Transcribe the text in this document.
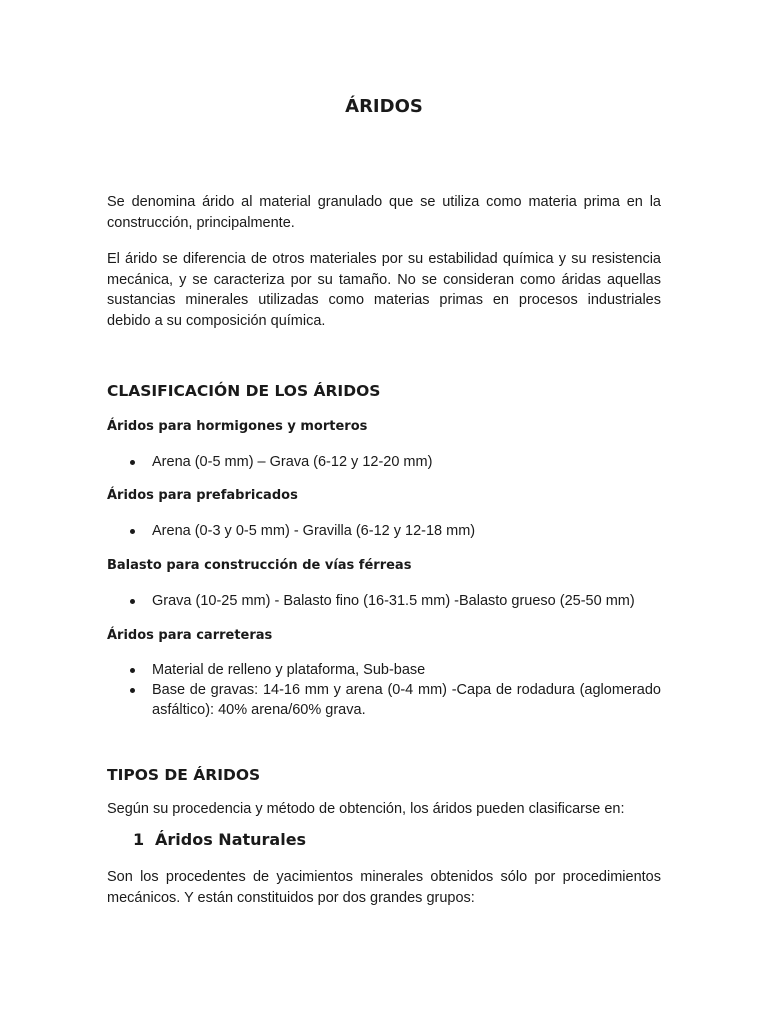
ÁRIDOS

Se denomina árido al material granulado que se utiliza como materia prima en la construcción, principalmente.

El árido se diferencia de otros materiales por su estabilidad química y su resistencia mecánica, y se caracteriza por su tamaño. No se consideran como áridas aquellas sustancias minerales utilizadas como materias primas en procesos industriales debido a su composición química.

CLASIFICACIÓN DE LOS ÁRIDOS
Áridos para hormigones y morteros
Arena (0-5 mm) – Grava (6-12 y 12-20 mm)
Áridos para prefabricados
Arena (0-3 y 0-5 mm) - Gravilla (6-12 y 12-18 mm)
Balasto para construcción de vías férreas
Grava (10-25 mm) - Balasto fino (16-31.5 mm) -Balasto grueso (25-50 mm)
Áridos para carreteras
Material de relleno y plataforma, Sub-base
Base de gravas: 14-16 mm y arena (0-4 mm) -Capa de rodadura (aglomerado asfáltico): 40% arena/60% grava.
TIPOS DE ÁRIDOS

Según su procedencia y método de obtención, los áridos pueden clasificarse en:

1 Áridos Naturales

Son los procedentes de yacimientos minerales obtenidos sólo por procedimientos mecánicos. Y están constituidos por dos grandes grupos:
